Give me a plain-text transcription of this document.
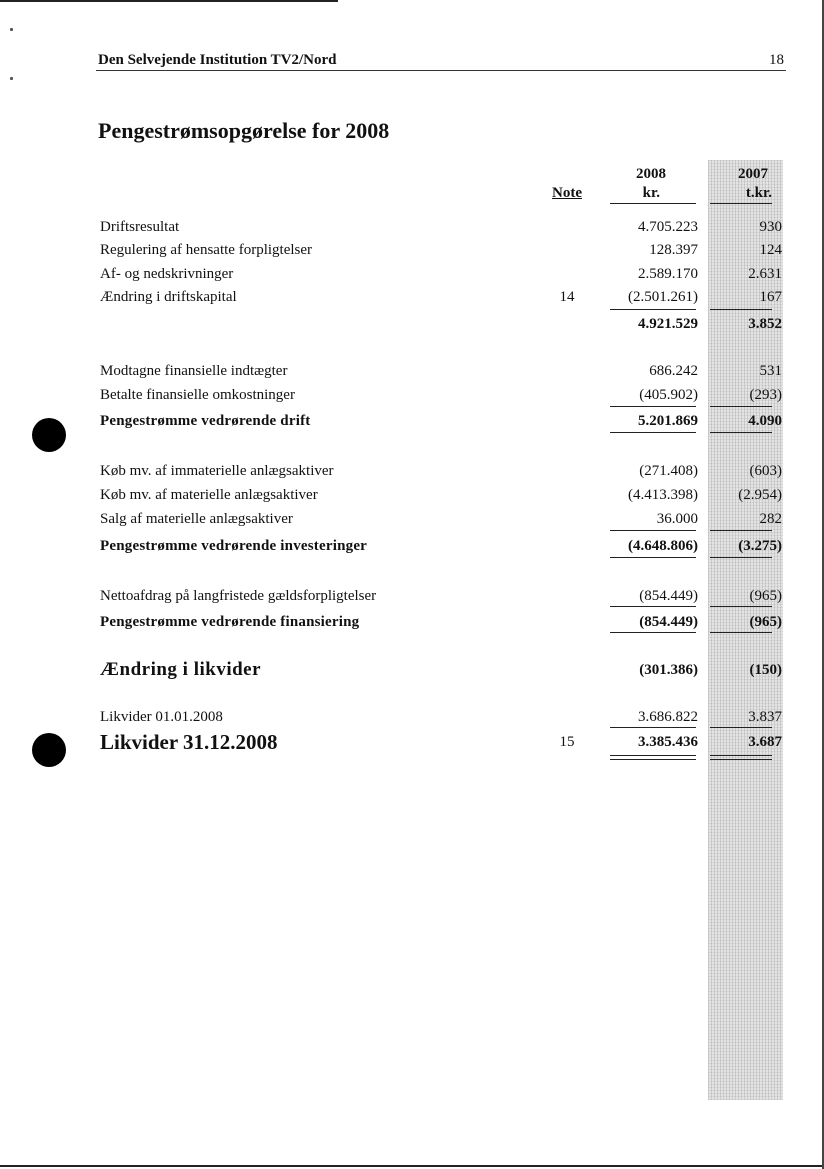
Den Selvejende Institution TV2/Nord	18
Pengestrømsopgørelse for 2008
2008
Note	kr.
2007
t.kr.
Driftsresultat	4.705.223	930
Regulering af hensatte forpligtelser	128.397	124
Af- og nedskrivninger	2.589.170	2.631
Ændring i driftskapital	14	(2.501.261)	167
4.921.529	3.852
Modtagne finansielle indtægter	686.242	531
Betalte finansielle omkostninger	(405.902)	(293)
Pengestrømme vedrørende drift	5.201.869	4.090
Køb mv. af immaterielle anlægsaktiver	(271.408)	(603)
Køb mv. af materielle anlægsaktiver	(4.413.398)	(2.954)
Salg af materielle anlægsaktiver	36.000	282
Pengestrømme vedrørende investeringer	(4.648.806)	(3.275)
Nettoafdrag på langfristede gældsforpligtelser	(854.449)	(965)
Pengestrømme vedrørende finansiering	(854.449)	(965)
Ændring i likvider	(301.386)	(150)
Likvider 01.01.2008	3.686.822	3.837
Likvider 31.12.2008	15	3.385.436	3.687
